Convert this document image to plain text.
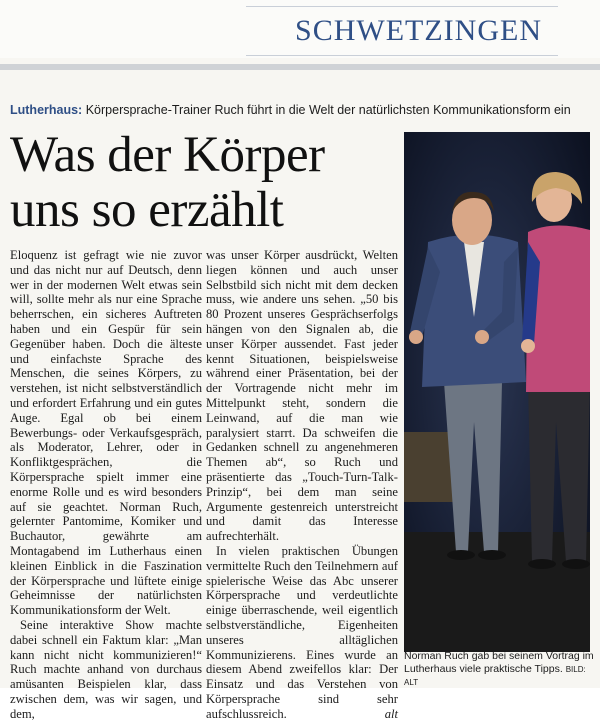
SCHWETZINGEN
Lutherhaus: Körpersprache-Trainer Ruch führt in die Welt der natürlichsten Kommunikationsform ein
Was der Körper uns so erzählt

Eloquenz ist gefragt wie nie zuvor und das nicht nur auf Deutsch, denn wer in der modernen Welt etwas sein will, sollte mehr als nur eine Sprache beherrschen, ein sicheres Auftreten haben und ein Gespür für sein Gegenüber haben. Doch die älteste und einfachste Sprache des Menschen, die seines Körpers, zu verstehen, ist nicht selbstverständlich und erfordert Erfahrung und ein gutes Auge. Egal ob bei einem Bewerbungs- oder Verkaufsgespräch, als Moderator, Lehrer, oder in Konfliktgesprächen, die Körpersprache spielt immer eine enorme Rolle und es wird besonders auf sie geachtet. Norman Ruch, gelernter Pantomime, Komiker und Buchautor, gewährte am Montagabend im Lutherhaus einen kleinen Einblick in die Faszination der Körpersprache und lüftete einige Geheimnisse der natürlichsten Kommunikationsform der Welt.

Seine interaktive Show machte dabei schnell ein Faktum klar: „Man kann nicht nicht kommunizieren!“ Ruch machte anhand von durchaus amüsanten Beispielen klar, dass zwischen dem, was wir sagen, und dem,

was unser Körper ausdrückt, Welten liegen können und auch unser Selbstbild sich nicht mit dem decken muss, wie andere uns sehen. „50 bis 80 Prozent unseres Gesprächserfolgs hängen von den Signalen ab, die unser Körper aussendet. Fast jeder kennt Situationen, beispielsweise während einer Präsentation, bei der der Vortragende nicht mehr im Mittelpunkt steht, sondern die Leinwand, auf die man wie paralysiert starrt. Da schweifen die Gedanken schnell zu angenehmeren Themen ab“, so Ruch und präsentierte das „Touch-Turn-Talk-Prinzip“, bei dem man seine Argumente gestenreich unterstreicht und damit das Interesse aufrechterhält.

In vielen praktischen Übungen vermittelte Ruch den Teilnehmern auf spielerische Weise das Abc unserer Körpersprache und verdeutlichte einige überraschende, weil eigentlich selbstverständliche, Eigenheiten unseres alltäglichen Kommunizierens. Eines wurde an diesem Abend zweifellos klar: Der Einsatz und das Verstehen von Körpersprache sind sehr aufschlussreich.	alt

Norman Ruch gab bei seinem Vortrag im Lutherhaus viele praktische Tipps. BILD: ALT
